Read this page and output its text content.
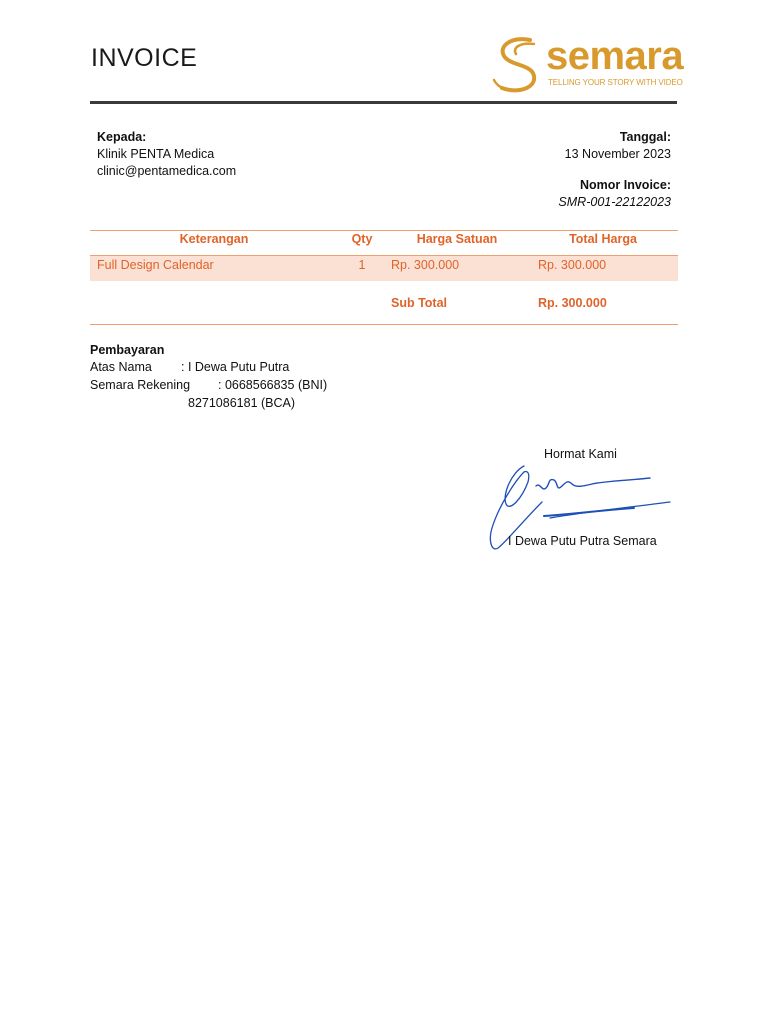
INVOICE	semara
TELLING YOUR STORY WITH VIDEO
Kepada:
Klinik PENTA Medica
clinic@pentamedica.com
Tanggal:
13 November 2023
Nomor Invoice:
SMR-001-22122023
Keterangan	Qty	Harga Satuan	Total Harga
Full Design Calendar	1	Rp. 300.000	Rp. 300.000
Sub Total	Rp. 300.000
Pembayaran
Atas Nama : I Dewa Putu Putra
Semara Rekening : 0668566835 (BNI)
8271086181 (BCA)
Hormat Kami
I Dewa Putu Putra Semara
